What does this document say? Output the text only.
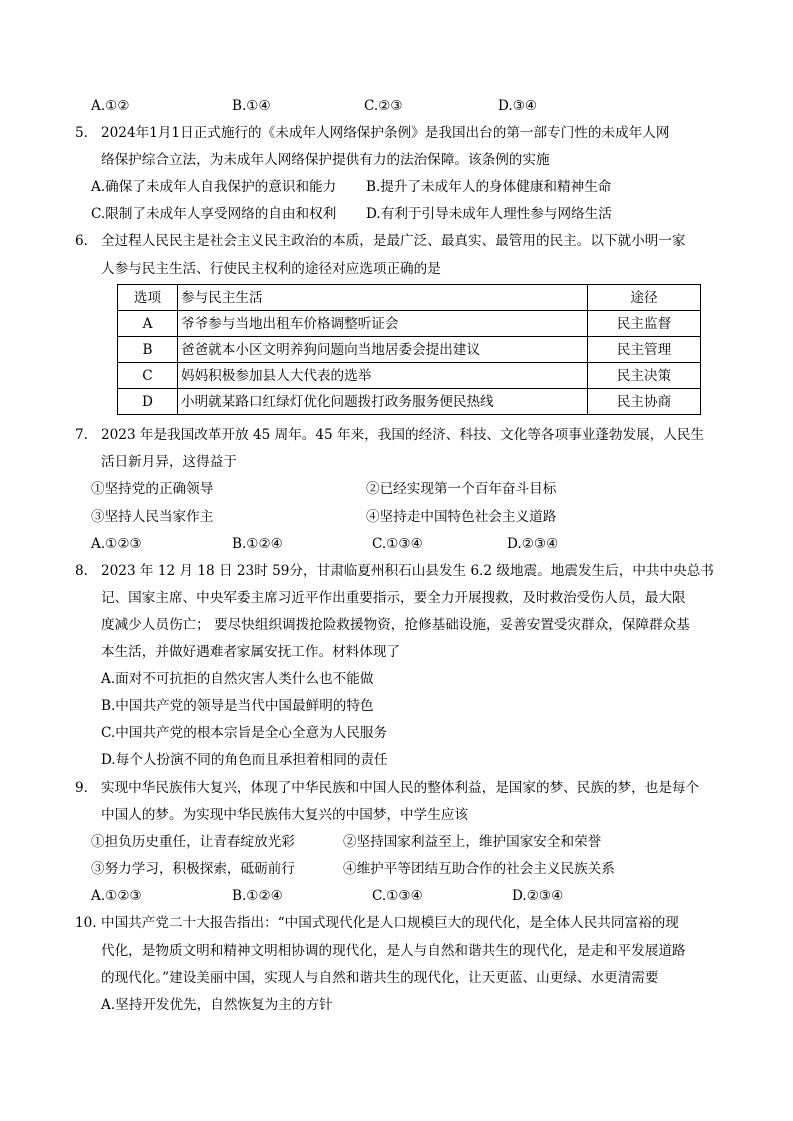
A.①②	B.①④	C.②③	D.③④
5. 2024年1月1日正式施行的《未成年人网络保护条例》是我国出台的第一部专门性的未成年人网
络保护综合立法，为未成年人网络保护提供有力的法治保障。该条例的实施
A.确保了未成年人自我保护的意识和能力 B.提升了未成年人的身体健康和精神生命
C.限制了未成年人享受网络的自由和权利 D.有利于引导未成年人理性参与网络生活
6. 全过程人民民主是社会主义民主政治的本质，是最广泛、最真实、最管用的民主。以下就小明一家
人参与民主生活、行使民主权利的途径对应选项正确的是
选项	参与民主生活	途径
A	爷爷参与当地出租车价格调整听证会	民主监督
B	爸爸就本小区文明养狗问题向当地居委会提出建议	民主管理
C	妈妈积极参加县人大代表的选举	民主决策
D	小明就某路口红绿灯优化问题拨打政务服务便民热线	民主协商
7. 2023 年是我国改革开放 45 周年。45 年来，我国的经济、科技、文化等各项事业蓬勃发展，人民生
活日新月异，这得益于
①坚持党的正确领导	②已经实现第一个百年奋斗目标
③坚持人民当家作主	④坚持走中国特色社会主义道路
A.①②③	B.①②④	C.①③④	D.②③④
8. 2023 年 12 月 18 日 23时 59分，甘肃临夏州积石山县发生 6.2 级地震。地震发生后，中共中央总书
记、国家主席、中央军委主席习近平作出重要指示，要全力开展搜救，及时救治受伤人员，最大限
度减少人员伤亡； 要尽快组织调拨抢险救援物资，抢修基础设施，妥善安置受灾群众，保障群众基
本生活，并做好遇难者家属安抚工作。材料体现了
A.面对不可抗拒的自然灾害人类什么也不能做
B.中国共产党的领导是当代中国最鲜明的特色
C.中国共产党的根本宗旨是全心全意为人民服务
D.每个人扮演不同的角色而且承担着相同的责任
9. 实现中华民族伟大复兴，体现了中华民族和中国人民的整体利益，是国家的梦、民族的梦，也是每个
中国人的梦。为实现中华民族伟大复兴的中国梦，中学生应该
①担负历史重任，让青春绽放光彩	②坚持国家利益至上，维护国家安全和荣誉
③努力学习，积极探索，砥砺前行	④维护平等团结互助合作的社会主义民族关系
A.①②③	B.①②④	C.①③④	D.②③④
10. 中国共产党二十大报告指出：“中国式现代化是人口规模巨大的现代化，是全体人民共同富裕的现
代化，是物质文明和精神文明相协调的现代化，是人与自然和谐共生的现代化，是走和平发展道路
的现代化。”建设美丽中国，实现人与自然和谐共生的现代化，让天更蓝、山更绿、水更清需要
A.坚持开发优先，自然恢复为主的方针
